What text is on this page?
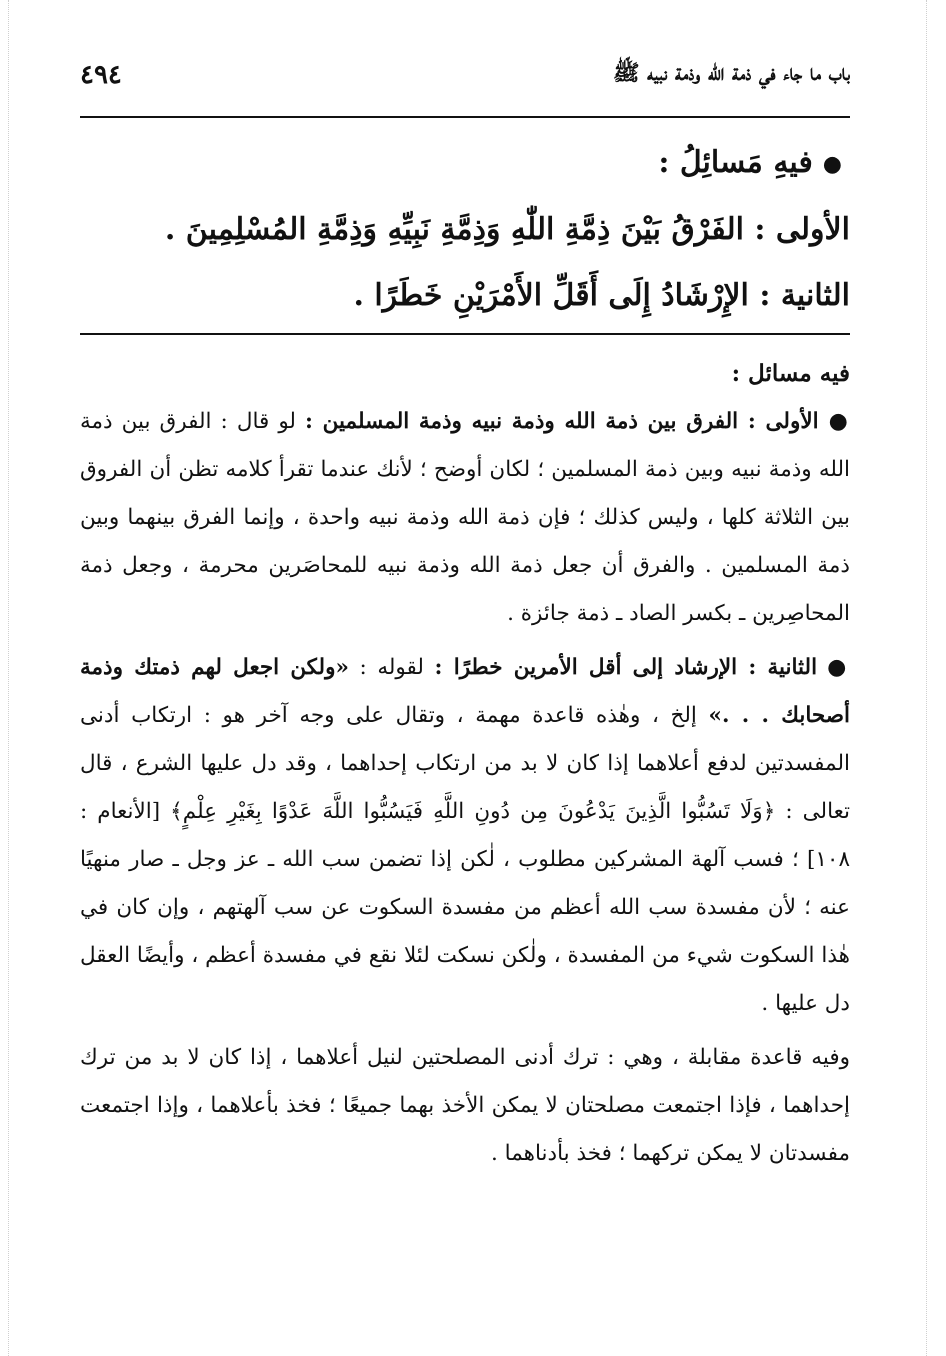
باب ما جاء في ذمة الله وذمة نبيه ﷺ
٤٩٤
●فيهِ مَسائِلُ :
الأولى : الفَرْقُ بَيْنَ ذِمَّةِ اللّٰهِ وَذِمَّةِ نَبِيِّهِ وَذِمَّةِ المُسْلِمِينَ .
الثانية : الإِرْشَادُ إِلَى أَقَلِّ الأَمْرَيْنِ خَطَرًا .

فيه مسائل :

●الأولى : الفرق بين ذمة الله وذمة نبيه وذمة المسلمين : لو قال : الفرق بين ذمة الله وذمة نبيه وبين ذمة المسلمين ؛ لكان أوضح ؛ لأنك عندما تقرأ كلامه تظن أن الفروق بين الثلاثة كلها ، وليس كذلك ؛ فإن ذمة الله وذمة نبيه واحدة ، وإنما الفرق بينهما وبين ذمة المسلمين . والفرق أن جعل ذمة الله وذمة نبيه للمحاصَرين محرمة ، وجعل ذمة المحاصِرين ـ بكسر الصاد ـ ذمة جائزة .

●الثانية : الإرشاد إلى أقل الأمرين خطرًا : لقوله : «ولكن اجعل لهم ذمتك وذمة أصحابك . . .» إلخ ، وهٰذه قاعدة مهمة ، وتقال على وجه آخر هو : ارتكاب أدنى المفسدتين لدفع أعلاهما إذا كان لا بد من ارتكاب إحداهما ، وقد دل عليها الشرع ، قال تعالى : ﴿وَلَا تَسُبُّوا الَّذِينَ يَدْعُونَ مِن دُونِ اللَّهِ فَيَسُبُّوا اللَّهَ عَدْوًا بِغَيْرِ عِلْمٍ﴾ [الأنعام : ١٠٨] ؛ فسب آلهة المشركين مطلوب ، لٰكن إذا تضمن سب الله ـ عز وجل ـ صار منهيًا عنه ؛ لأن مفسدة سب الله أعظم من مفسدة السكوت عن سب آلهتهم ، وإن كان في هٰذا السكوت شيء من المفسدة ، ولٰكن نسكت لئلا نقع في مفسدة أعظم ، وأيضًا العقل دل عليها .

وفيه قاعدة مقابلة ، وهي : ترك أدنى المصلحتين لنيل أعلاهما ، إذا كان لا بد من ترك إحداهما ، فإذا اجتمعت مصلحتان لا يمكن الأخذ بهما جميعًا ؛ فخذ بأعلاهما ، وإذا اجتمعت مفسدتان لا يمكن تركهما ؛ فخذ بأدناهما .
